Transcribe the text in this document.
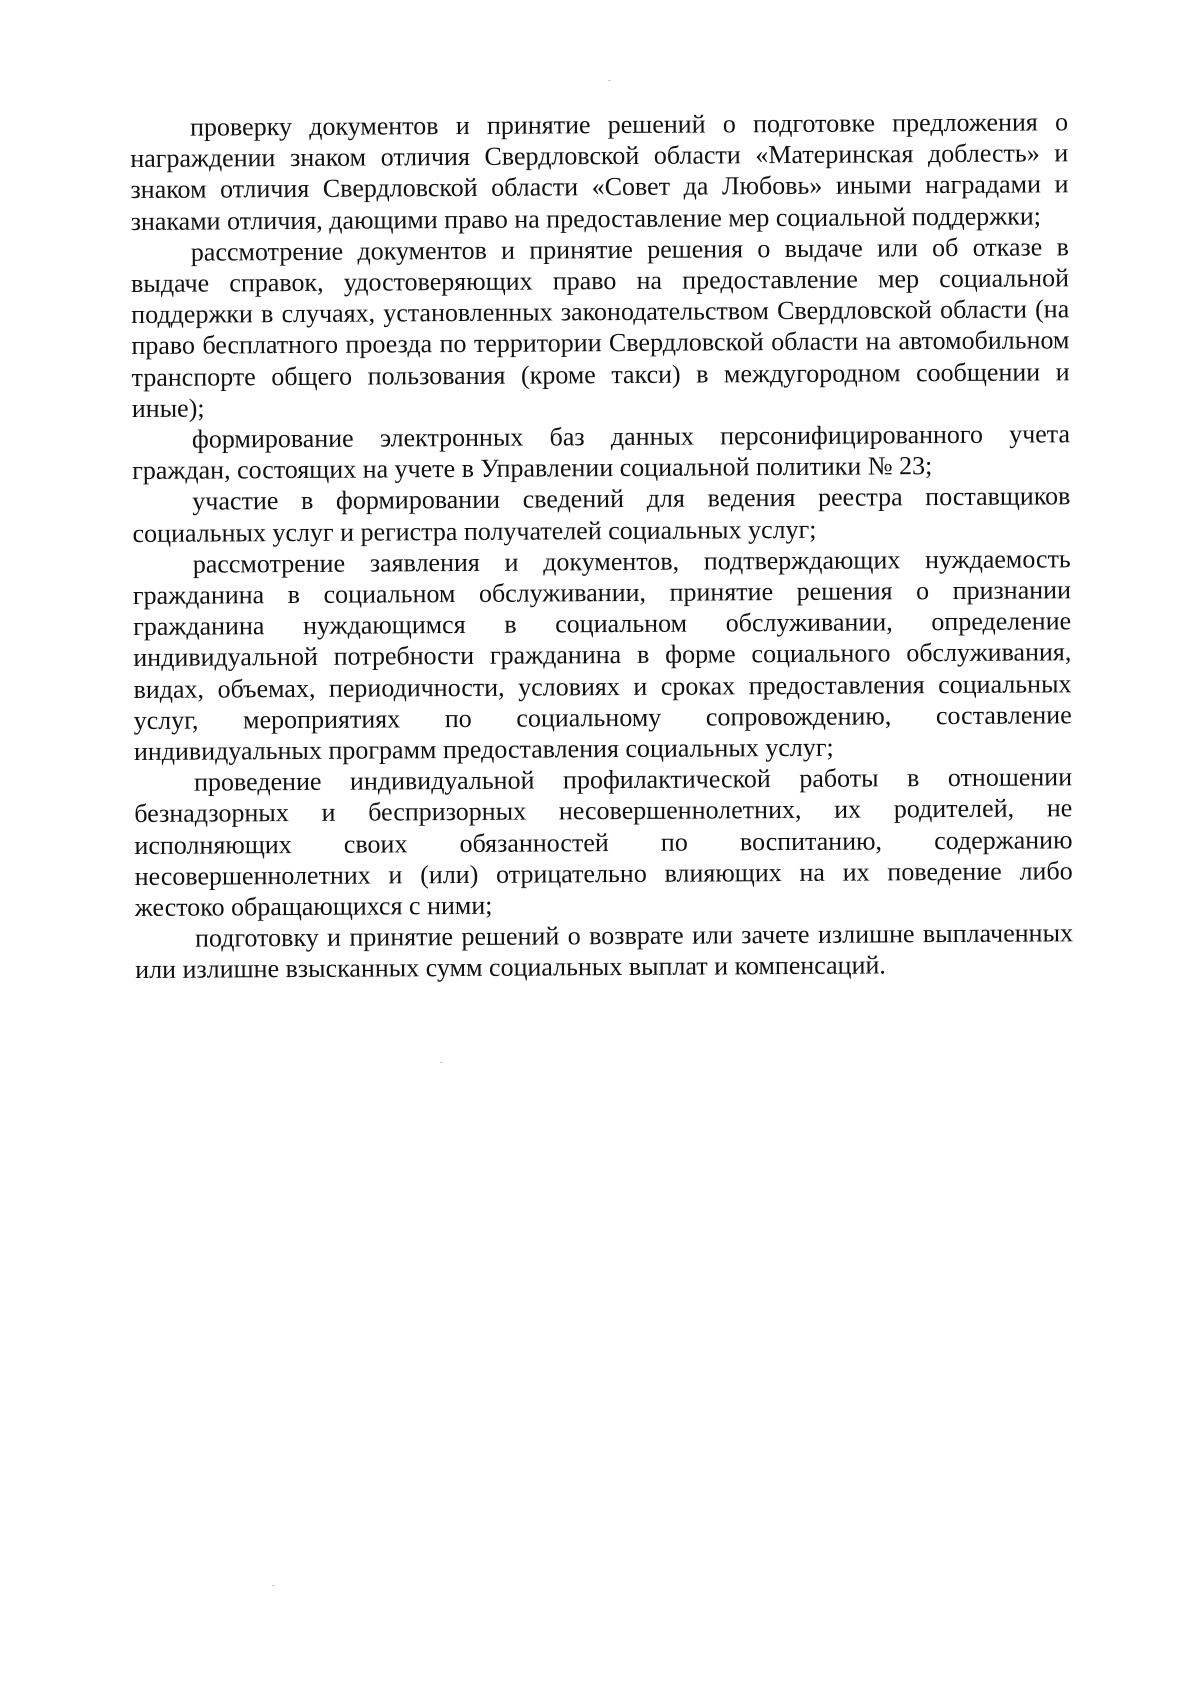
проверку документов и принятие решений о подготовке предложения о награждении знаком отличия Свердловской области «Материнская доблесть» и знаком отличия Свердловской области «Совет да Любовь» иными наградами и знаками отличия, дающими право на предоставление мер социальной поддержки;

рассмотрение документов и принятие решения о выдаче или об отказе в выдаче справок, удостоверяющих право на предоставление мер социальной поддержки в случаях, установленных законодательством Свердловской области (на право бесплатного проезда по территории Свердловской области на автомобильном транспорте общего пользования (кроме такси) в междугородном сообщении и иные);

формирование электронных баз данных персонифицированного учета граждан, состоящих на учете в Управлении социальной политики № 23;

участие в формировании сведений для ведения реестра поставщиков социальных услуг и регистра получателей социальных услуг;

рассмотрение заявления и документов, подтверждающих нуждаемость гражданина в социальном обслуживании, принятие решения о признании гражданина нуждающимся в социальном обслуживании, определение индивидуальной потребности гражданина в форме социального обслуживания, видах, объемах, периодичности, условиях и сроках предоставления социальных услуг, мероприятиях по социальному сопровождению, составление индивидуальных программ предоставления социальных услуг;

проведение индивидуальной профилактической работы в отношении безнадзорных и беспризорных несовершеннолетних, их родителей, не исполняющих своих обязанностей по воспитанию, содержанию несовершеннолетних и (или) отрицательно влияющих на их поведение либо жестоко обращающихся с ними;

подготовку и принятие решений о возврате или зачете излишне выплаченных или излишне взысканных сумм социальных выплат и компенсаций.
